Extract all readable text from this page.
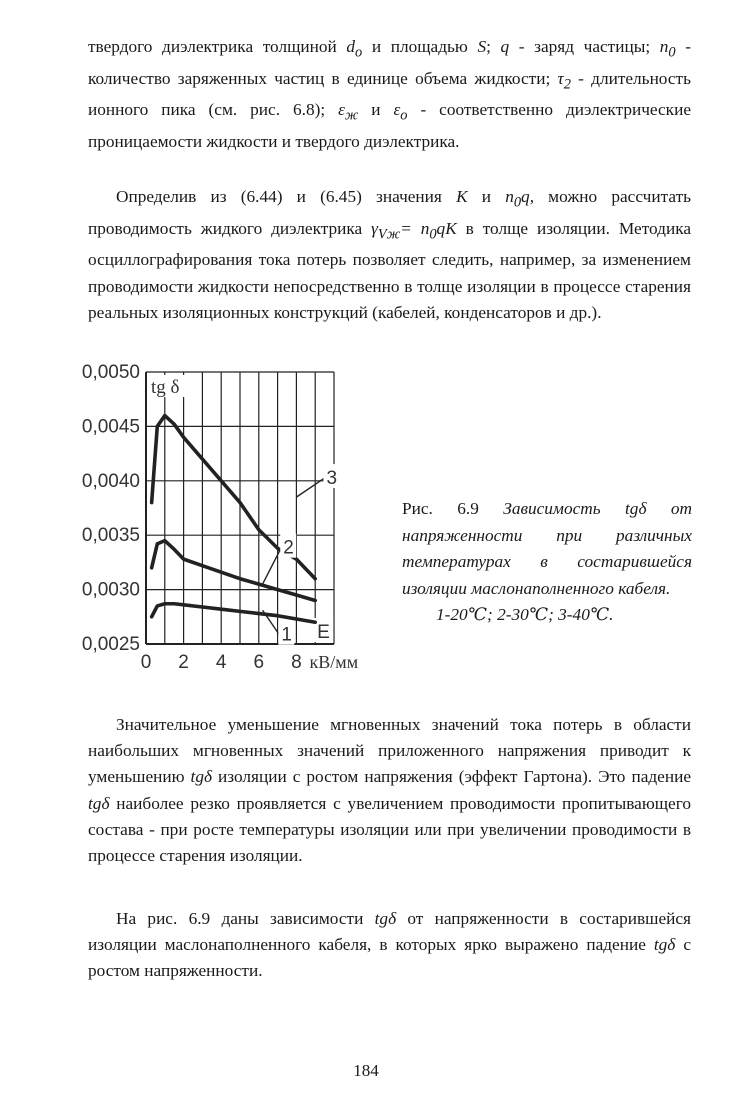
твердого диэлектрика толщиной $d_o$ и площадью S; q - заряд частицы; $n_0$ - количество заряженных частиц в единице объема жидкости; $\tau_2$ - длительность ионного пика (см. рис. 6.8); $\varepsilon_ж$ и $\varepsilon_o$ - соответственно диэлектрические проницаемости жидкости и твердого диэлектрика.

Определив из (6.44) и (6.45) значения K и $n_0q$, можно рассчитать проводимость жидкого диэлектрика $\gamma_{Vж}= n_0qK$ в толще изоляции. Методика осциллографирования тока потерь позволяет следить, например, за изменением проводимости жидкости непосредственно в толще изоляции в процессе старения реальных изоляционных конструкций (кабелей, конденсаторов и др.).

0,0025
0,0030
0,0035
0,0040
0,0045
0,0050
0 2 4 6 8 кВ/мм
E
tg δ
1
2
3

Рис. 6.9 Зависимость tgδ от напряженности при различных температурах в состарившейся изоляции маслонаполненного кабеля.
1-20℃; 2-30℃; 3-40℃.

Значительное уменьшение мгновенных значений тока потерь в области наибольших мгновенных значений приложенного напряжения приводит к уменьшению tgδ изоляции с ростом напряжения (эффект Гартона). Это падение tgδ наиболее резко проявляется с увеличением проводимости пропитывающего состава - при росте температуры изоляции или при увеличении проводимости в процессе старения изоляции.

На рис. 6.9 даны зависимости tgδ от напряженности в состарившейся изоляции маслонаполненного кабеля, в которых ярко выражено падение tgδ с ростом напряженности.

184
